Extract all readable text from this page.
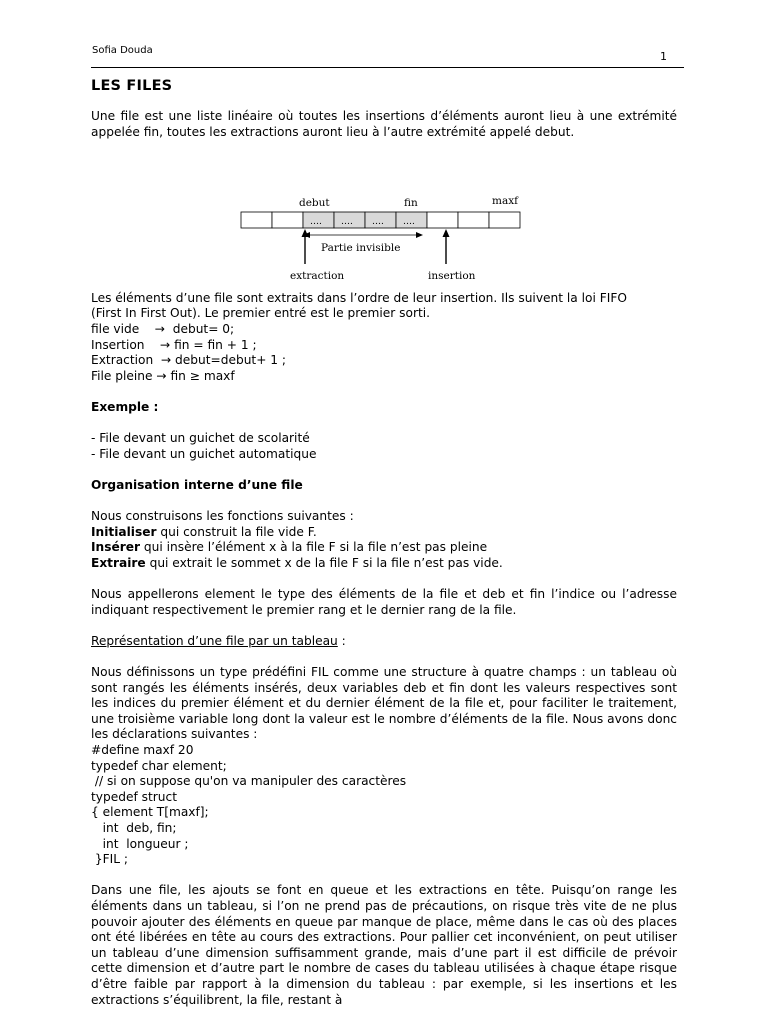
Sofia Douda	1
LES FILES

Une file est une liste linéaire où toutes les insertions d’éléments auront lieu à une extrémité appelée fin, toutes les extractions auront lieu à l’autre extrémité appelé debut.

debut	fin	maxf
…. …. …. ….
Partie invisible
extraction	insertion

Les éléments d’une file sont extraits dans l’ordre de leur insertion. Ils suivent la loi FIFO

(First In First Out). Le premier entré est le premier sorti.

file vide    →  debut= 0;

Insertion    → fin = fin + 1 ;

Extraction  → debut=debut+ 1 ;

File pleine → fin ≥ maxf

Exemple :

- File devant un guichet de scolarité

- File devant un guichet automatique

Organisation interne d’une file

Nous construisons les fonctions suivantes :

Initialiser qui construit la file vide F.

Insérer qui insère l’élément x à la file F si la file n’est pas pleine

Extraire qui extrait le sommet x de la file F si la file n’est pas vide.

Nous appellerons element le type des éléments de la file et deb et fin l’indice ou l’adresse indiquant respectivement le premier rang et le dernier rang de la file.

Représentation d’une file par un tableau :

Nous définissons un type prédéfini FIL comme une structure à quatre champs : un tableau où sont rangés les éléments insérés, deux variables deb et fin dont les valeurs respectives sont les indices du premier élément et du dernier élément de la file et, pour faciliter le traitement, une troisième variable long dont la valeur est le nombre d’éléments de la file. Nous avons donc les déclarations suivantes :

#define maxf 20

typedef char element;

// si on suppose qu'on va manipuler des caractères

typedef struct

{ element T[maxf];

int  deb, fin;

int  longueur ;

}FIL ;

Dans une file, les ajouts se font en queue et les extractions en tête. Puisqu’on range les éléments dans un tableau, si l’on ne prend pas de précautions, on risque très vite de ne plus pouvoir ajouter des éléments en queue par manque de place, même dans le cas où des places ont été libérées en tête au cours des extractions. Pour pallier cet inconvénient, on peut utiliser un tableau d’une dimension suffisamment grande, mais d’une part il est difficile de prévoir cette dimension et d’autre part le nombre de cases du tableau utilisées à chaque étape risque d’être faible par rapport à la dimension du tableau : par exemple, si les insertions et les extractions s’équilibrent, la file, restant à
